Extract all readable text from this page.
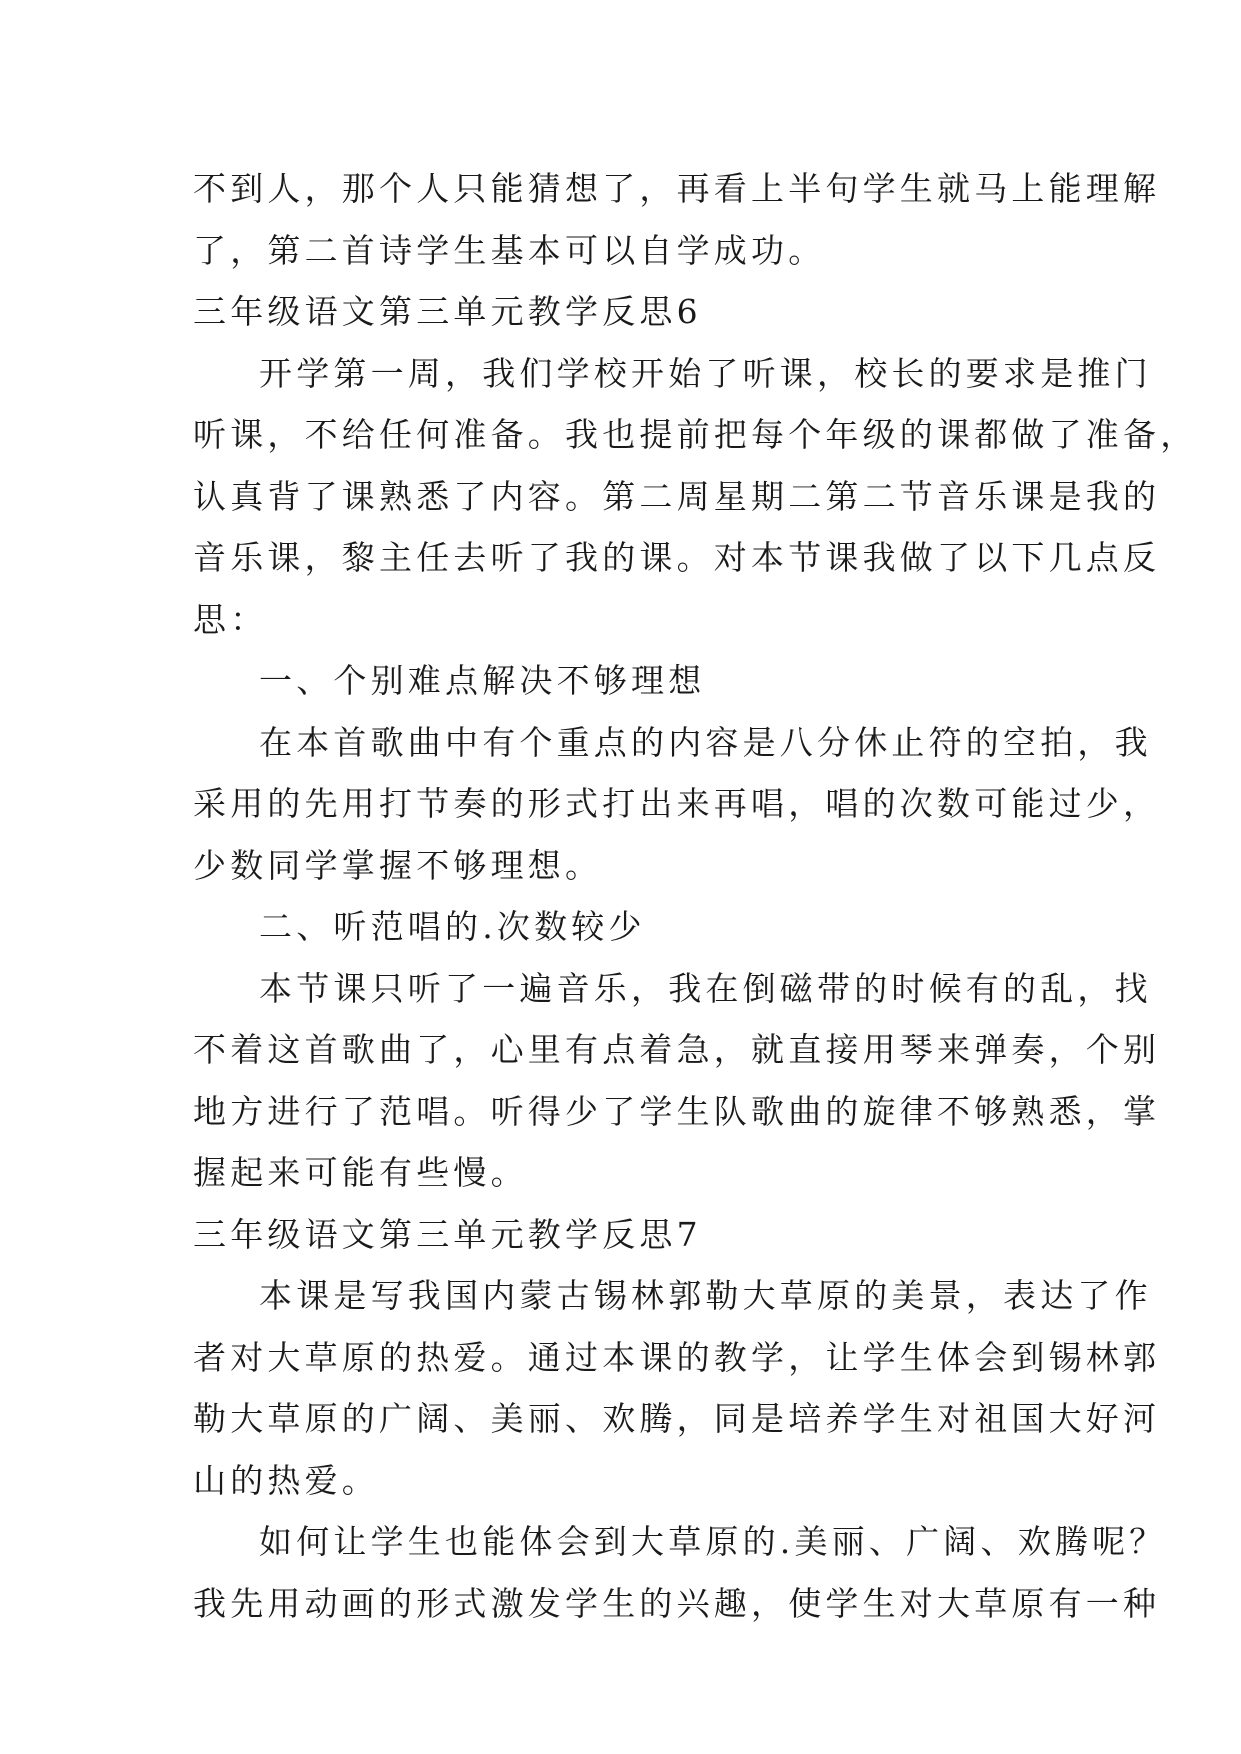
不到人，那个人只能猜想了，再看上半句学生就马上能理解
了，第二首诗学生基本可以自学成功。
三年级语文第三单元教学反思6
开学第一周，我们学校开始了听课，校长的要求是推门
听课，不给任何准备。我也提前把每个年级的课都做了准备，
认真背了课熟悉了内容。第二周星期二第二节音乐课是我的
音乐课，黎主任去听了我的课。对本节课我做了以下几点反
思：
一、个别难点解决不够理想
在本首歌曲中有个重点的内容是八分休止符的空拍，我
采用的先用打节奏的形式打出来再唱，唱的次数可能过少，
少数同学掌握不够理想。
二、听范唱的.次数较少
本节课只听了一遍音乐，我在倒磁带的时候有的乱，找
不着这首歌曲了，心里有点着急，就直接用琴来弹奏，个别
地方进行了范唱。听得少了学生队歌曲的旋律不够熟悉，掌
握起来可能有些慢。
三年级语文第三单元教学反思7
本课是写我国内蒙古锡林郭勒大草原的美景，表达了作
者对大草原的热爱。通过本课的教学，让学生体会到锡林郭
勒大草原的广阔、美丽、欢腾，同是培养学生对祖国大好河
山的热爱。
如何让学生也能体会到大草原的.美丽、广阔、欢腾呢？
我先用动画的形式激发学生的兴趣，使学生对大草原有一种
